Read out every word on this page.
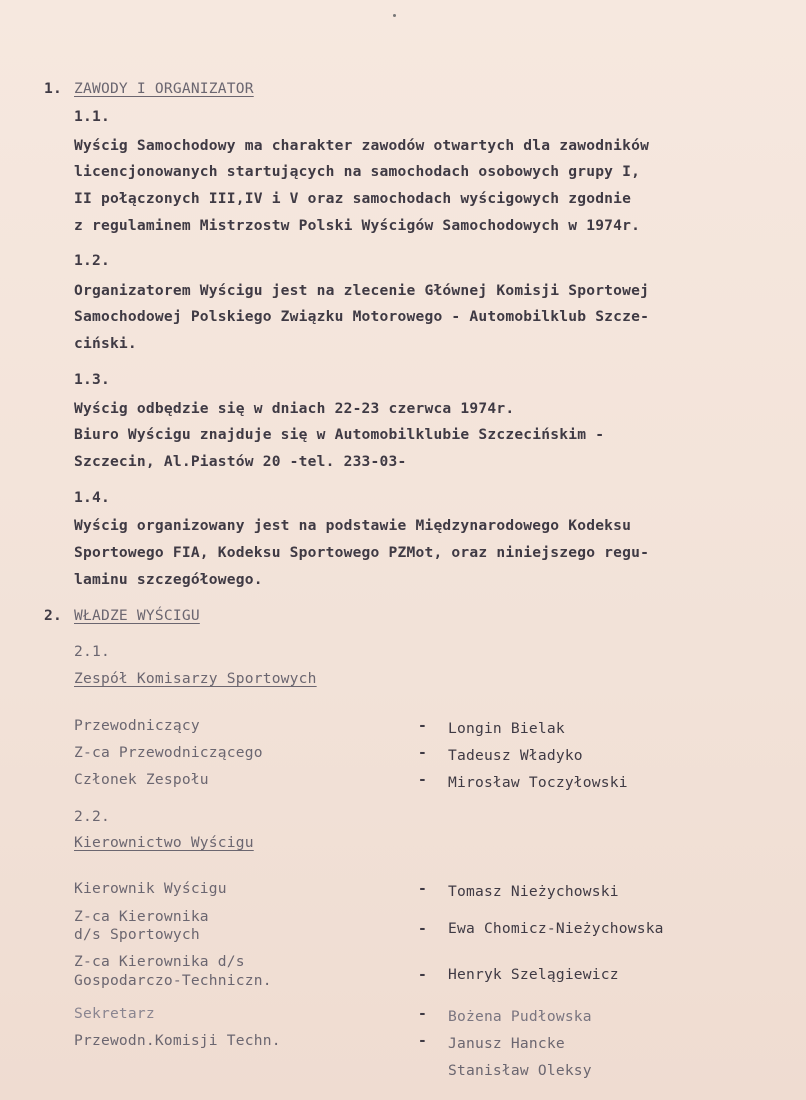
1. ZAWODY I ORGANIZATOR
1.1.
Wyścig Samochodowy ma charakter zawodów otwartych dla zawodników
licencjonowanych startujących na samochodach osobowych grupy I,
II połączonych III,IV i V oraz samochodach wyścigowych zgodnie
z regulaminem Mistrzostw Polski Wyścigów Samochodowych w 1974r.
1.2.
Organizatorem Wyścigu jest na zlecenie Głównej Komisji Sportowej
Samochodowej Polskiego Związku Motorowego - Automobilklub Szcze-
ciński.
1.3.
Wyścig odbędzie się w dniach 22-23 czerwca 1974r.
Biuro Wyścigu znajduje się w Automobilklubie Szczecińskim -
Szczecin, Al.Piastów 20 -tel. 233-03-
1.4.
Wyścig organizowany jest na podstawie Międzynarodowego Kodeksu
Sportowego FIA, Kodeksu Sportowego PZMot, oraz niniejszego regu-
laminu szczegółowego.
2. WŁADZE WYŚCIGU
2.1.
Zespół Komisarzy Sportowych
Przewodniczący	- Longin Bielak
Z-ca Przewodniczącego	- Tadeusz Władyko
Członek Zespołu	- Mirosław Toczyłowski
2.2.
Kierownictwo Wyścigu
Kierownik Wyścigu	- Tomasz Nieżychowski
Z-ca Kierownika
d/s Sportowych	- Ewa Chomicz-Nieżychowska
Z-ca Kierownika d/s
Gospodarczo-Techniczn.	- Henryk Szelągiewicz
Sekretarz	- Bożena Pudłowska
Przewodn.Komisji Techn.	- Janusz Hancke
Stanisław Oleksy
